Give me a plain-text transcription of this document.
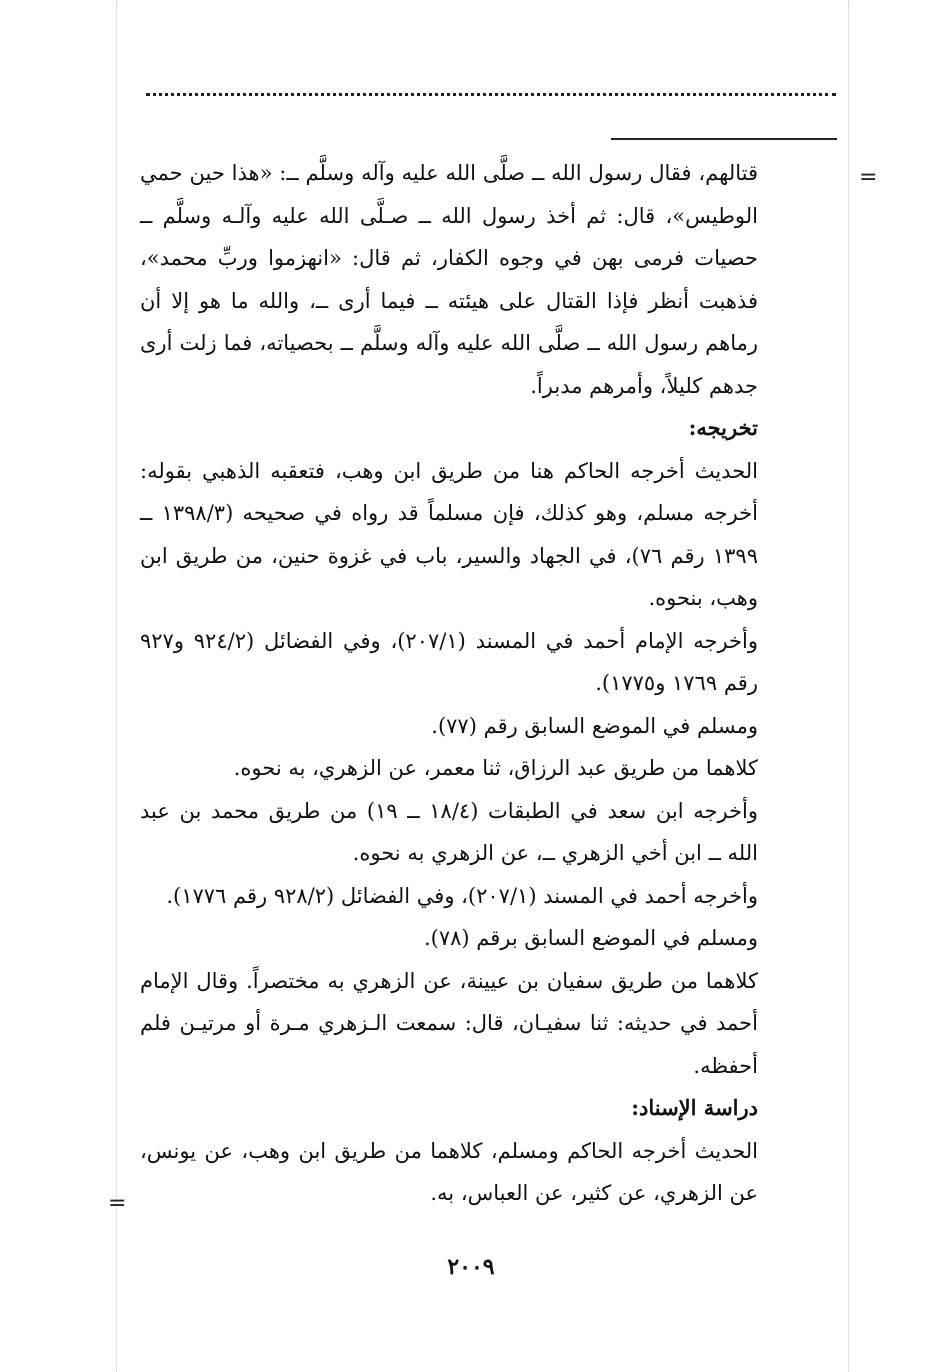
=
=

قتالهم، فقال رسول الله ــ صلَّى الله عليه وآله وسلَّم ــ: «هذا حين حمي الوطيس»، قال: ثم أخذ رسول الله ــ صـلَّى الله عليه وآلـه وسلَّم ــ حصيات فرمى بهن في وجوه الكفار، ثم قال: «انهزموا وربِّ محمد»، فذهبت أنظر فإذا القتال على هيئته ــ فيما أرى ــ، والله ما هو إلا أن رماهم رسول الله ــ صلَّى الله عليه وآله وسلَّم ــ بحصياته، فما زلت أرى جدهم كليلاً، وأمرهم مدبراً.

تخريجه:

الحديث أخرجه الحاكم هنا من طريق ابن وهب، فتعقبه الذهبي بقوله: أخرجه مسلم، وهو كذلك، فإن مسلماً قد رواه في صحيحه (١٣٩٨/٣ ــ ١٣٩٩ رقم ٧٦)، في الجهاد والسير، باب في غزوة حنين، من طريق ابن وهب، بنحوه.

وأخرجه الإمام أحمد في المسند (٢٠٧/١)، وفي الفضائل (٩٢٤/٢ و٩٢٧ رقم ١٧٦٩ و١٧٧٥).

ومسلم في الموضع السابق رقم (٧٧).

كلاهما من طريق عبد الرزاق، ثنا معمر، عن الزهري، به نحوه.

وأخرجه ابن سعد في الطبقات (١٨/٤ ــ ١٩) من طريق محمد بن عبد الله ــ ابن أخي الزهري ــ، عن الزهري به نحوه.

وأخرجه أحمد في المسند (٢٠٧/١)، وفي الفضائل (٩٢٨/٢ رقم ١٧٧٦).

ومسلم في الموضع السابق برقم (٧٨).

كلاهما من طريق سفيان بن عيينة، عن الزهري به مختصراً. وقال الإمام أحمد في حديثه: ثنا سفيـان، قال: سمعت الـزهري مـرة أو مرتيـن فلم أحفظه.

دراسة الإسناد:

الحديث أخرجه الحاكم ومسلم، كلاهما من طريق ابن وهب، عن يونس، عن الزهري، عن كثير، عن العباس، به.

٢٠٠٩
